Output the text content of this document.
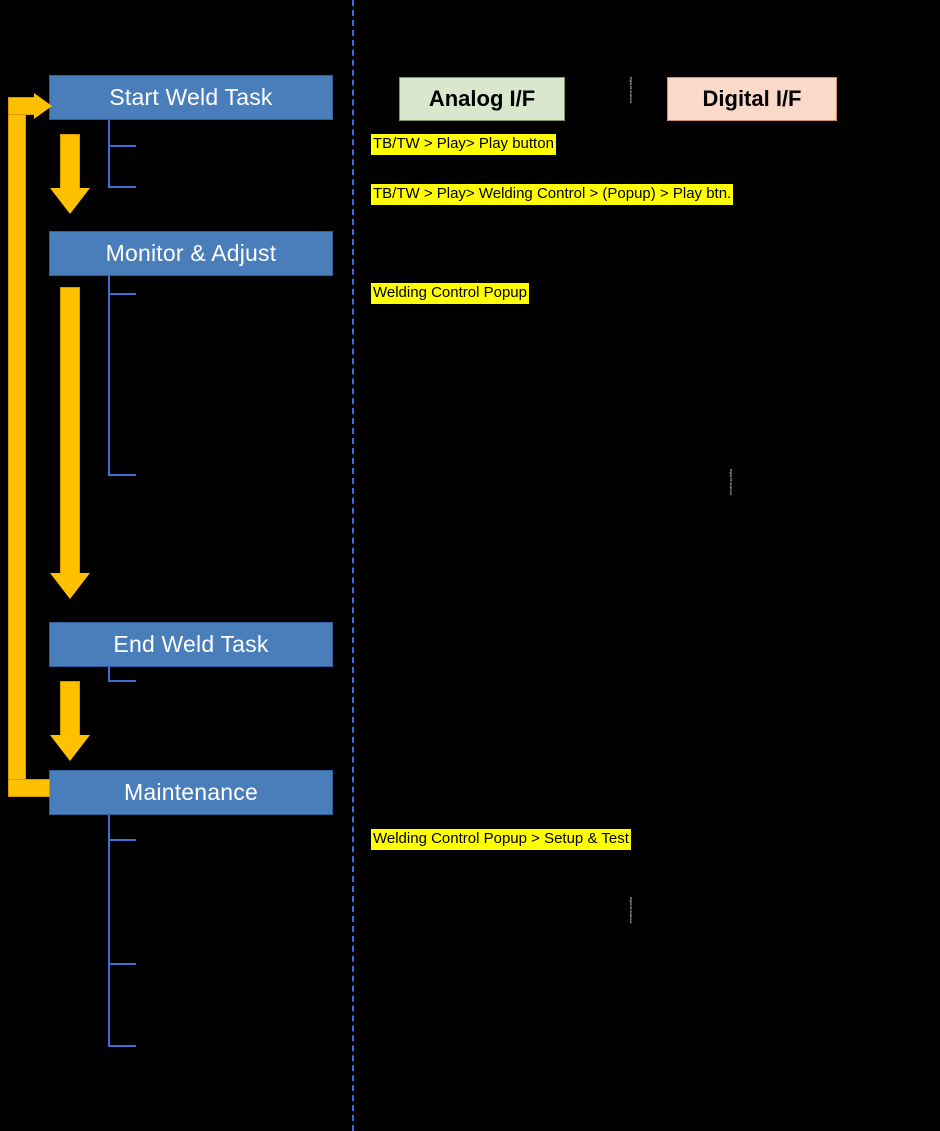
Analog I/F	Digital I/F
Start Weld Task
Monitor & Adjust
End Weld Task
Maintenance
TB/TW > Play> Play button
TB/TW > Play> Welding Control > (Popup) > Play btn.
Welding Control Popup
Welding Control Popup > Setup & Test
Digital I/F detail text
Digital I/F detail text
Digital I/F detail text
